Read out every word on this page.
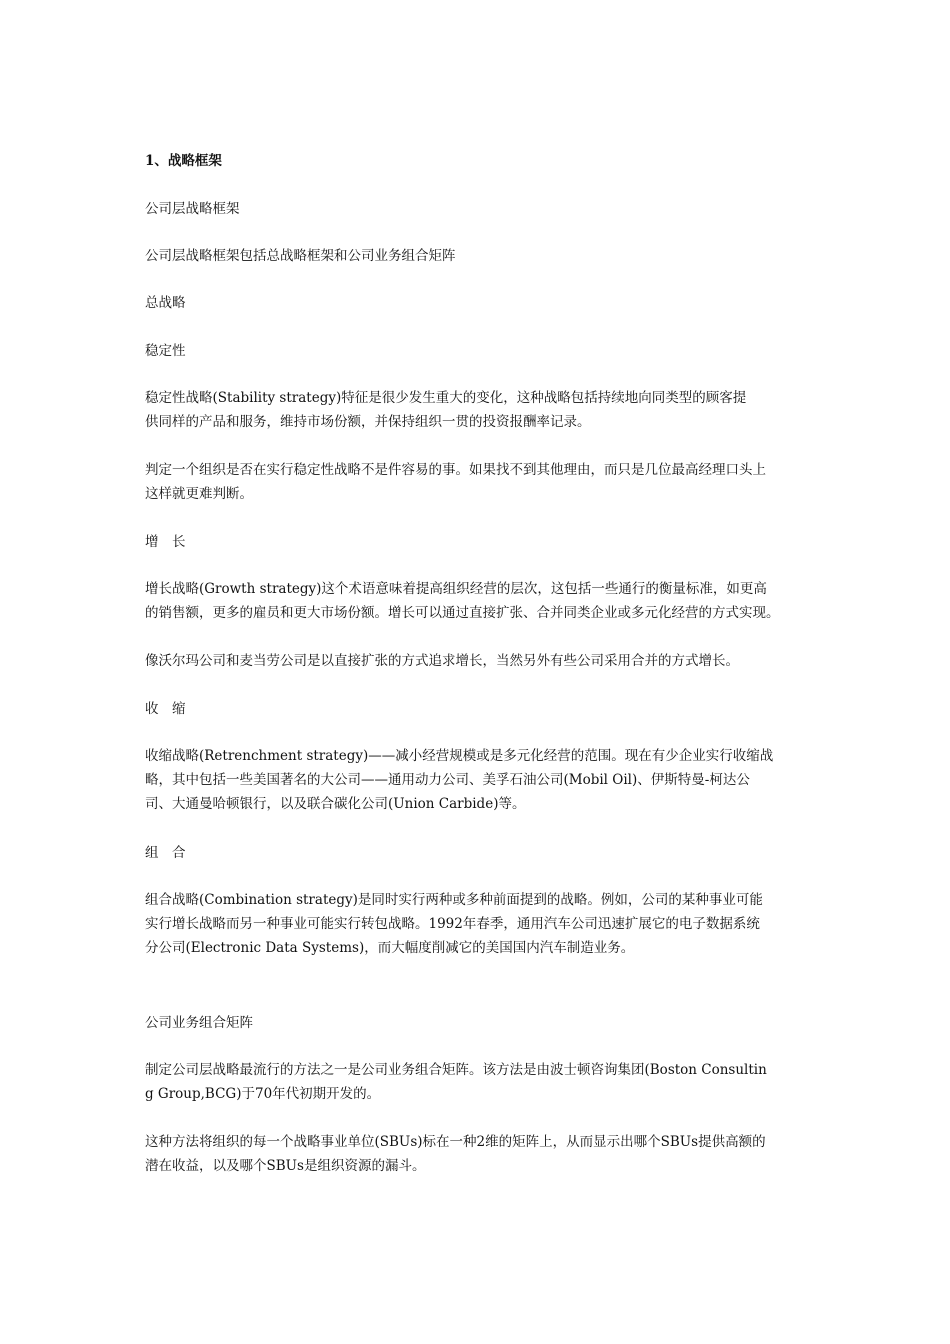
1、战略框架

公司层战略框架

公司层战略框架包括总战略框架和公司业务组合矩阵

总战略

稳定性

稳定性战略(Stability strategy)特征是很少发生重大的变化，这种战略包括持续地向同类型的顾客提

供同样的产品和服务，维持市场份额，并保持组织一贯的投资报酬率记录。

判定一个组织是否在实行稳定性战略不是件容易的事。如果找不到其他理由，而只是几位最高经理口头上

这样就更难判断。

增　长

增长战略(Growth strategy)这个术语意味着提高组织经营的层次，这包括一些通行的衡量标准，如更高

的销售额，更多的雇员和更大市场份额。增长可以通过直接扩张、合并同类企业或多元化经营的方式实现。

像沃尔玛公司和麦当劳公司是以直接扩张的方式追求增长，当然另外有些公司采用合并的方式增长。

收　缩

收缩战略(Retrenchment strategy)——减小经营规模或是多元化经营的范围。现在有少企业实行收缩战

略，其中包括一些美国著名的大公司——通用动力公司、美孚石油公司(Mobil Oil)、伊斯特曼-柯达公

司、大通曼哈顿银行，以及联合碳化公司(Union Carbide)等。

组　合

组合战略(Combination strategy)是同时实行两种或多种前面提到的战略。例如，公司的某种事业可能

实行增长战略而另一种事业可能实行转包战略。1992年春季，通用汽车公司迅速扩展它的电子数据系统

分公司(Electronic Data Systems)，而大幅度削减它的美国国内汽车制造业务。

公司业务组合矩阵

制定公司层战略最流行的方法之一是公司业务组合矩阵。该方法是由波士顿咨询集团(Boston Consultin

g Group,BCG)于70年代初期开发的。

这种方法将组织的每一个战略事业单位(SBUs)标在一种2维的矩阵上，从而显示出哪个SBUs提供高额的

潜在收益，以及哪个SBUs是组织资源的漏斗。
